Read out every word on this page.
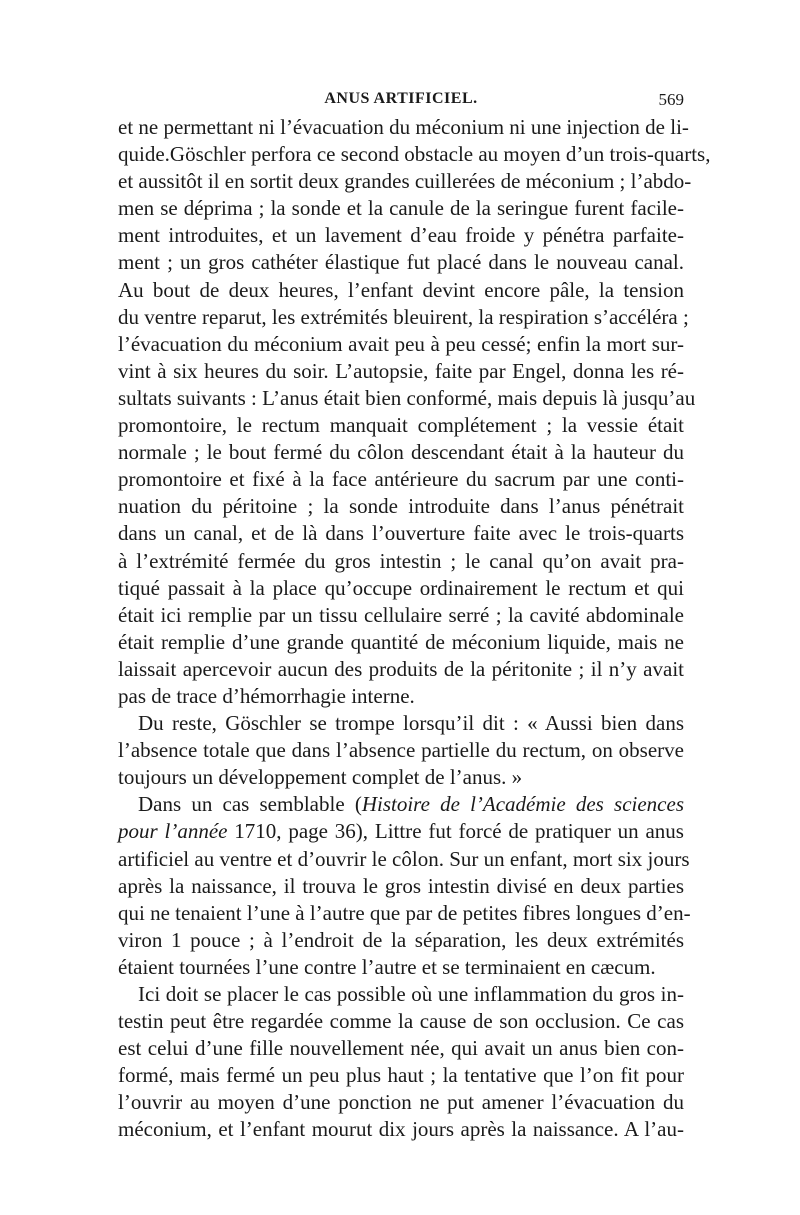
ANUS ARTIFICIEL.	569
et ne permettant ni l’évacuation du méconium ni une injection de li-
quide.Göschler perfora ce second obstacle au moyen d’un trois-quarts,
et aussitôt il en sortit deux grandes cuillerées de méconium ; l’abdo-
men se déprima ; la sonde et la canule de la seringue furent facile-
ment introduites, et un lavement d’eau froide y pénétra parfaite-
ment ; un gros cathéter élastique fut placé dans le nouveau canal.
Au bout de deux heures, l’enfant devint encore pâle, la tension
du ventre reparut, les extrémités bleuirent, la respiration s’accéléra ;
l’évacuation du méconium avait peu à peu cessé; enfin la mort sur-
vint à six heures du soir. L’autopsie, faite par Engel, donna les ré-
sultats suivants : L’anus était bien conformé, mais depuis là jusqu’au
promontoire, le rectum manquait complétement ; la vessie était
normale ; le bout fermé du côlon descendant était à la hauteur du
promontoire et fixé à la face antérieure du sacrum par une conti-
nuation du péritoine ; la sonde introduite dans l’anus pénétrait
dans un canal, et de là dans l’ouverture faite avec le trois-quarts
à l’extrémité fermée du gros intestin ; le canal qu’on avait pra-
tiqué passait à la place qu’occupe ordinairement le rectum et qui
était ici remplie par un tissu cellulaire serré ; la cavité abdominale
était remplie d’une grande quantité de méconium liquide, mais ne
laissait apercevoir aucun des produits de la péritonite ; il n’y avait
pas de trace d’hémorrhagie interne.
Du reste, Göschler se trompe lorsqu’il dit : « Aussi bien dans
l’absence totale que dans l’absence partielle du rectum, on observe
toujours un développement complet de l’anus. »
Dans un cas semblable (Histoire de l’Académie des sciences
pour l’année 1710, page 36), Littre fut forcé de pratiquer un anus
artificiel au ventre et d’ouvrir le côlon. Sur un enfant, mort six jours
après la naissance, il trouva le gros intestin divisé en deux parties
qui ne tenaient l’une à l’autre que par de petites fibres longues d’en-
viron 1 pouce ; à l’endroit de la séparation, les deux extrémités
étaient tournées l’une contre l’autre et se terminaient en cæcum.
Ici doit se placer le cas possible où une inflammation du gros in-
testin peut être regardée comme la cause de son occlusion. Ce cas
est celui d’une fille nouvellement née, qui avait un anus bien con-
formé, mais fermé un peu plus haut ; la tentative que l’on fit pour
l’ouvrir au moyen d’une ponction ne put amener l’évacuation du
méconium, et l’enfant mourut dix jours après la naissance. A l’au-
